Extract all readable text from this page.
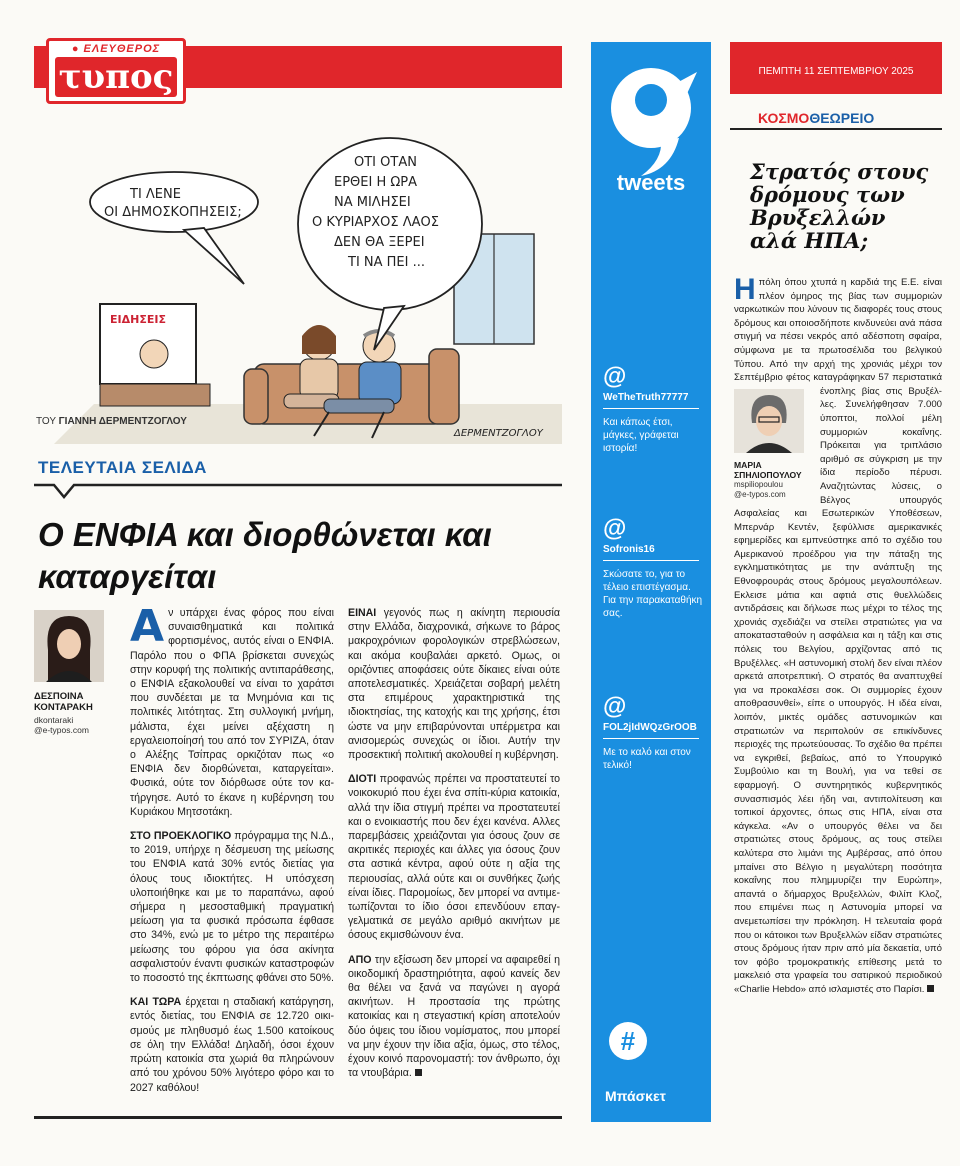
● ΕΛΕΥΘΕΡΟΣ
τυπος
ΕΙΔΗΣΕΙΣ
ΤΙ ΛΕΝΕ
ΟΙ ΔΗΜΟΣΚΟΠΗΣΕΙΣ;
ΟΤΙ ΟΤΑΝ
ΕΡΘΕΙ Η ΩΡΑ
ΝΑ ΜΙΛΗΣΕΙ
Ο ΚΥΡΙΑΡΧΟΣ ΛΑΟΣ
ΔΕΝ ΘΑ ΞΕΡΕΙ
ΤΙ ΝΑ ΠΕΙ ...
ΔΕΡΜΕΝΤΖΟΓΛΟΥ
ΤΟΥ ΓΙΑΝΝΗ ΔΕΡΜΕΝΤΖΟΓΛΟΥ
ΤΕΛΕΥΤΑΙΑ ΣΕΛΙΔΑ
Ο ΕΝΦΙΑ και διορθώνεται και καταργείται
ΔΕΣΠΟΙΝΑ
ΚΟΝΤΑΡΑΚΗ
dkontaraki
@e-typos.com

Αν υπάρχει ένας φόρος που είναι συναισθηματικά και πολιτικά φορτισμένος, αυτός είναι ο ΕΝΦΙΑ. Παρόλο που ο ΦΠΑ βρίσκεται συνεχώς στην κορυφή της πολιτικής αντιπαράθεσης, ο ΕΝΦΙΑ εξακολουθεί να είναι το χαράτσι που συνδέεται με τα Μνημόνια και τις πολιτικές λιτότητας. Στη συλλογική μνήμη, μάλιστα, έχει μείνει αξέχαστη η εργαλειοποίησή του από τον ΣΥΡΙΖΑ, όταν ο Αλέξης Τσίπρας ορκιζόταν πως «ο ΕΝΦΙΑ δεν διορθώνεται, καταργείται». Φυσικά, ούτε τον διόρθωσε ούτε τον κατήργησε. Αυτό το έκανε η κυβέρνηση του Κυριάκου Μητσοτάκη.

ΣΤΟ ΠΡΟΕΚΛΟΓΙΚΟ πρόγραμμα της Ν.Δ., το 2019, υπήρχε η δέσμευση της μείωσης του ΕΝΦΙΑ κατά 30% εντός διετίας για όλους τους ιδιοκτήτες. Η υπόσχεση υλοποιήθηκε και με το παραπάνω, αφού σήμερα η μεσοσταθμική πραγματική μείωση για τα φυσικά πρόσωπα έφθασε στο 34%, ενώ με το μέτρο της περαιτέρω μείωσης του φόρου για όσα ακίνητα ασφαλιστούν έναντι φυσικών καταστροφών το ποσοστό της έκπτωσης φθάνει στο 50%.

ΚΑΙ ΤΩΡΑ έρχεται η σταδιακή κατάργηση, εντός διετίας, του ΕΝΦΙΑ σε 12.720 οικισμούς με πληθυσμό έως 1.500 κατοίκους σε όλη την Ελλάδα! Δηλαδή, όσοι έχουν πρώτη κατοικία στα χωριά θα πληρώνουν από του χρόνου 50% λιγότερο φόρο και το 2027 καθόλου!

ΕΙΝΑΙ γεγονός πως η ακίνητη περιουσία στην Ελλάδα, διαχρονικά, σήκωνε το βάρος μακροχρόνιων φορολογικών στρεβλώσεων, και ακόμα κουβαλάει αρκετό. Ομως, οι οριζόντιες αποφάσεις ούτε δίκαιες είναι ούτε αποτελεσματικές. Χρειάζεται σοβαρή μελέτη στα επιμέρους χαρακτηριστικά της ιδιοκτησίας, της κατοχής και της χρήσης, έτσι ώστε να μην επιβαρύνονται υπέρμετρα και ανισομερώς συνεχώς οι ίδιοι. Αυτήν την προσεκτική πολιτική ακολουθεί η κυβέρνηση.

ΔΙΟΤΙ προφανώς πρέπει να προστατευτεί το νοικοκυριό που έχει ένα σπίτι-κύρια κατοικία, αλλά την ίδια στιγμή πρέπει να προστατευτεί και ο ενοικιαστής που δεν έχει κανένα. Αλλες παρεμβάσεις χρειάζονται για όσους ζουν σε ακριτικές περιοχές και άλλες για όσους ζουν στα αστικά κέντρα, αφού ούτε η αξία της περιουσίας, αλλά ούτε και οι συνθήκες ζωής είναι ίδιες. Παρομοίως, δεν μπορεί να αντιμετωπίζονται το ίδιο όσοι επενδύουν επαγγελματικά σε μεγάλο αριθμό ακινήτων με όσους εκμισθώνουν ένα.

ΑΠΟ την εξίσωση δεν μπορεί να αφαιρεθεί η οικοδομική δραστηριότητα, αφού κανείς δεν θα θέλει να ξανά να παγώνει η αγορά ακινήτων. Η προστασία της πρώτης κατοικίας και η στεγαστική κρίση αποτελούν δύο όψεις του ίδιου νομίσματος, που μπορεί να μην έχουν την ίδια αξία, όμως, στο τέλος, έχουν κοινό παρονομαστή: τον άνθρωπο, όχι τα ντουβάρια.

tweets
@
WeTheTruth77777
Και κάπως έτσι, μάγκες, γράφεται ιστορία!
@
Sofronis16
Σκώσατε το, για το τέλειο επιστέγασμα. Για την παρακαταθήκη σας.
@
FOL2jIdWQzGrOOB
Με το καλό και στον τελικό!
#
Μπάσκετ
ΠΕΜΠΤΗ 11 ΣΕΠΤΕΜΒΡΙΟΥ 2025
ΚΟΣΜΟΘΕΩΡΕΙΟ
Στρατός στους δρόμους των Βρυξελλών αλά ΗΠΑ;
Η πόλη όπου χτυπά η καρδιά της Ε.Ε. είναι πλέον όμηρος της βίας των συμμοριών ναρκωτικών που λύνουν τις διαφορές τους στους δρόμους και οποιοσδήποτε κινδυνεύει ανά πάσα στιγμή να πέσει νεκρός από αδέσποτη σφαίρα, σύμφωνα με τα πρωτοσέλιδα του βελγικού Τύπου. Από την αρχή της χρονιάς μέχρι τον Σεπτέμβριο φέτος καταγράφηκαν 57
ΜΑΡΙΑ
ΣΠΗΛΙΟΠΟΥΛΟΥ
mspiliopoulou
@e-typos.com
περιστατικά ένοπλης βίας στις Βρυξέλλες. Συνελήφθησαν 7.000 ύποπτοι, πολλοί μέλη συμμοριών κοκαΐνης. Πρόκειται για τριπλάσιο αριθμό σε σύγκριση με την ίδια περίοδο πέρυσι. Αναζητώντας λύσεις, ο Βέλγος υπουργός Ασφαλείας και Εσωτερικών Υποθέσεων, Μπερνάρ Κεντέν, ξεφύλλισε αμερικανικές εφημερίδες και εμπνεύστηκε από το σχέδιο του Αμερικανού προέδρου για την πάταξη της εγκληματικότητας με την ανάπτυξη της Εθνοφρουράς στους δρόμους μεγαλουπόλεων. Εκλεισε μάτια και αφτιά στις θυελλώδεις αντιδράσεις και δήλωσε πως μέχρι το τέλος της χρονιάς σχεδιάζει να στείλει στρατιώτες για να αποκατασταθούν η ασφάλεια και η τάξη και στις πόλεις του Βελγίου, αρχίζοντας από τις Βρυξέλλες. «Η αστυνομική στολή δεν είναι πλέον αρκετά αποτρεπτική. Ο στρατός θα αναπτυχθεί για να προκαλέσει σοκ. Οι συμμορίες έχουν αποθρασυνθεί», είπε ο υπουργός. Η ιδέα είναι, λοιπόν, μικτές ομάδες αστυνομικών και στρατιωτών να περιπολούν σε επικίνδυνες περιοχές της πρωτεύουσας. Το σχέδιο θα πρέπει να εγκριθεί, βεβαίως, από το Υπουργικό Συμβούλιο και τη Βουλή, για να τεθεί σε εφαρμογή. Ο συντηρητικός κυβερνητικός συνασπισμός λέει ήδη ναι, αντιπολίτευση και τοπικοί άρχοντες, όπως στις ΗΠΑ, είναι στα κάγκελα. «Αν ο υπουργός θέλει να δει στρατιώτες στους δρόμους, ας τους στείλει καλύτερα στο λιμάνι της Αμβέρσας, από όπου μπαίνει στο Βέλγιο η μεγαλύτερη ποσότητα κοκαΐνης που πλημμυρίζει την Ευρώπη», απαντά ο δήμαρχος Βρυξελλών, Φιλίπ Κλοζ, που επιμένει πως η Αστυνομία μπορεί να ανεμετωπίσει την πρόκληση. Η τελευταία φορά που οι κάτοικοι των Βρυξελλών είδαν στρατιώτες στους δρόμους ήταν πριν από μία δεκαετία, υπό τον φόβο τρομοκρατικής επίθεσης μετά το μακελειό στα γραφεία του σατιρικού περιοδικού «Charlie Hebdo» από ισλαμιστές στο Παρίσι.
